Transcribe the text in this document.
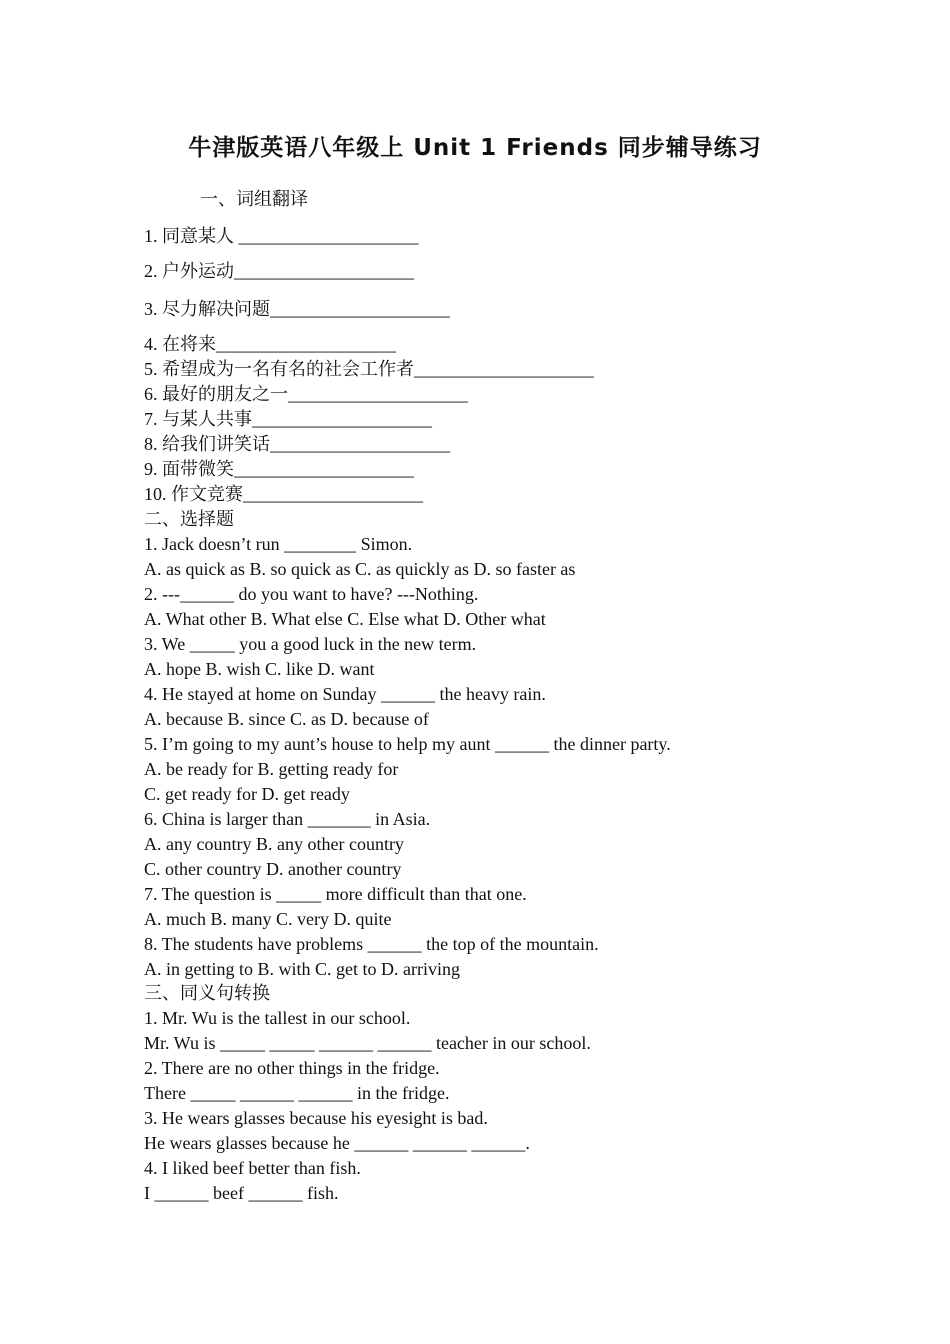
牛津版英语八年级上 Unit 1 Friends 同步辅导练习
一、词组翻译
1. 同意某人 ____________________
2. 户外运动____________________
3. 尽力解决问题____________________
4. 在将来____________________
5. 希望成为一名有名的社会工作者____________________
6. 最好的朋友之一____________________
7. 与某人共事____________________
8. 给我们讲笑话____________________
9. 面带微笑____________________
10. 作文竞赛____________________
二、选择题
1. Jack doesn’t run ________ Simon.
A. as quick as B. so quick as C. as quickly as D. so faster as
2. ---______ do you want to have? ---Nothing.
A. What other B. What else C. Else what D. Other what
3. We _____ you a good luck in the new term.
A. hope B. wish C. like D. want
4. He stayed at home on Sunday ______ the heavy rain.
A. because B. since C. as D. because of
5. I’m going to my aunt’s house to help my aunt ______ the dinner party.
A. be ready for B. getting ready for
C. get ready for D. get ready
6. China is larger than _______ in Asia.
A. any country B. any other country
C. other country D. another country
7. The question is _____ more difficult than that one.
A. much B. many C. very D. quite
8. The students have problems ______ the top of the mountain.
A. in getting to B. with C. get to D. arriving
三、同义句转换
1. Mr. Wu is the tallest in our school.
Mr. Wu is _____ _____ ______ ______ teacher in our school.
2. There are no other things in the fridge.
There _____ ______ ______ in the fridge.
3. He wears glasses because his eyesight is bad.
He wears glasses because he ______ ______ ______.
4. I liked beef better than fish.
I ______ beef ______ fish.
